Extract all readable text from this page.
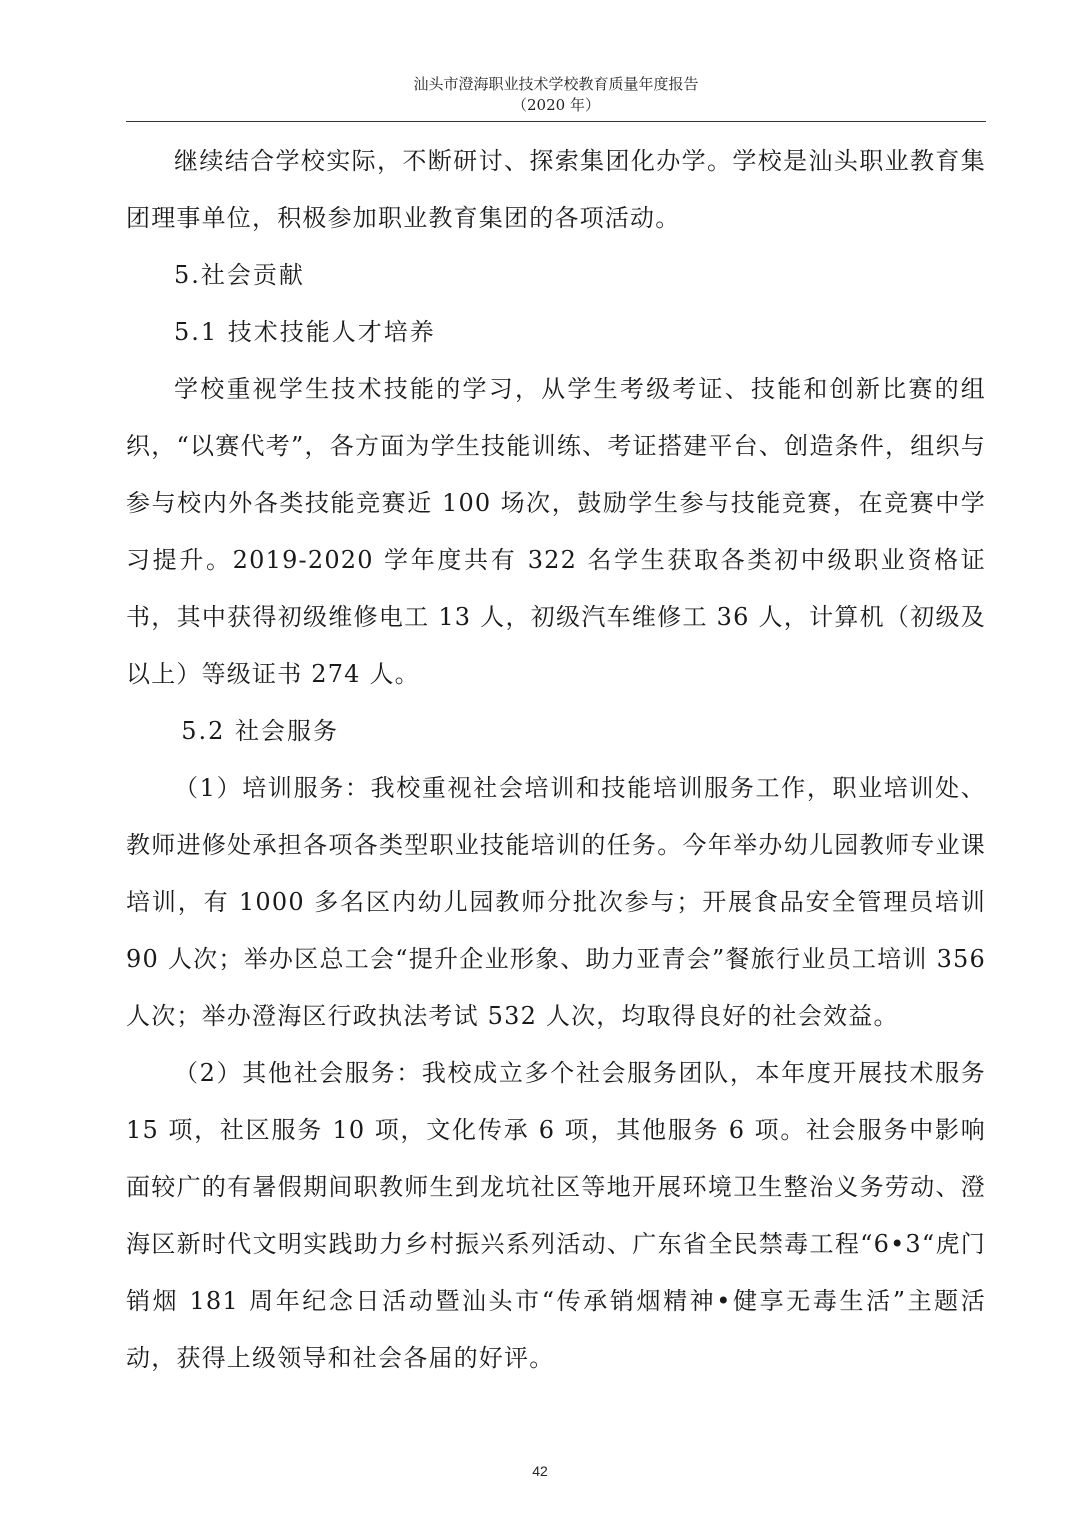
汕头市澄海职业技术学校教育质量年度报告
（2020 年）

继续结合学校实际，不断研讨、探索集团化办学。学校是汕头职业教育集团理事单位，积极参加职业教育集团的各项活动。

5.社会贡献

5.1 技术技能人才培养

学校重视学生技术技能的学习，从学生考级考证、技能和创新比赛的组织，“以赛代考”，各方面为学生技能训练、考证搭建平台、创造条件，组织与参与校内外各类技能竞赛近 100 场次，鼓励学生参与技能竞赛，在竞赛中学习提升。2019-2020 学年度共有 322 名学生获取各类初中级职业资格证书，其中获得初级维修电工 13 人，初级汽车维修工 36 人，计算机（初级及以上）等级证书 274 人。

5.2 社会服务

（1）培训服务：我校重视社会培训和技能培训服务工作，职业培训处、教师进修处承担各项各类型职业技能培训的任务。今年举办幼儿园教师专业课培训，有 1000 多名区内幼儿园教师分批次参与；开展食品安全管理员培训 90 人次；举办区总工会“提升企业形象、助力亚青会”餐旅行业员工培训 356 人次；举办澄海区行政执法考试 532 人次，均取得良好的社会效益。

（2）其他社会服务：我校成立多个社会服务团队，本年度开展技术服务 15 项，社区服务 10 项，文化传承 6 项，其他服务 6 项。社会服务中影响面较广的有暑假期间职教师生到龙坑社区等地开展环境卫生整治义务劳动、澄海区新时代文明实践助力乡村振兴系列活动、广东省全民禁毒工程“6•3“虎门销烟 181 周年纪念日活动暨汕头市“传承销烟精神•健享无毒生活”主题活动，获得上级领导和社会各届的好评。

42
